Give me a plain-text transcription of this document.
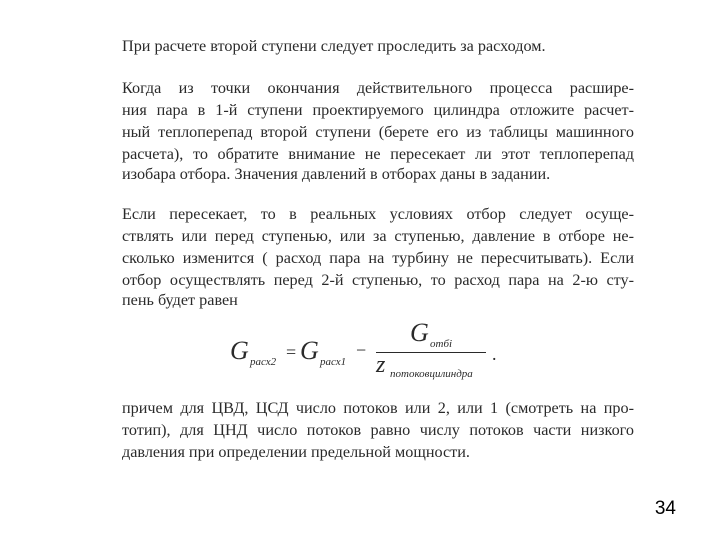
При расчете второй ступени следует проследить за расходом.
Когда из точки окончания действительного процесса расшире-
ния пара в 1-й ступени проектируемого цилиндра отложите расчет-
ный теплоперепад второй ступени (берете его из таблицы машинного
расчета), то обратите внимание не пересекает ли этот теплоперепад
изобара отбора. Значения давлений в отборах даны в задании.
Если пересекает, то в реальных условиях отбор следует осуще-
ствлять или перед ступенью, или за ступенью, давление в отборе не-
сколько изменится ( расход пара на турбину не пересчитывать). Если
отбор осуществлять перед 2-й ступенью, то расход пара на 2-ю сту-
пень будет равен
G расх2 = G расх1
−
G отбi
z потоковцилиндра
.
причем для ЦВД, ЦСД число потоков или 2, или 1 (смотреть на про-
тотип), для ЦНД число потоков равно числу потоков части низкого
давления при определении предельной мощности.
34
